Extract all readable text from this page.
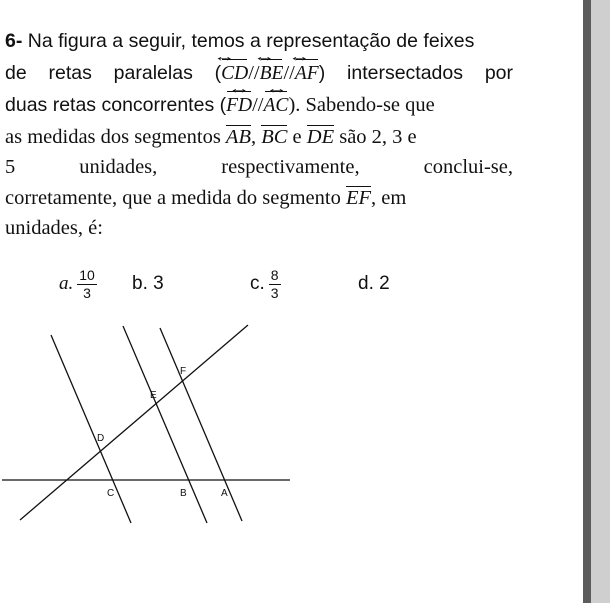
6- Na figura a seguir, temos a representação de feixes
de retas paralelas (CD ↔//BE ↔//AF ↔) intersectados por
duas retas concorrentes (FD ↔//AC ↔). Sabendo-se que
as medidas dos segmentos AB, BC e DE são 2, 3 e
5 unidades, respectivamente, conclui-se,
corretamente, que a medida do segmento EF, em
unidades, é:
a. $\frac{10}{3} b$. 3	c. $\frac{8}{3}$	d. 2
F
E
D
C	B	A
